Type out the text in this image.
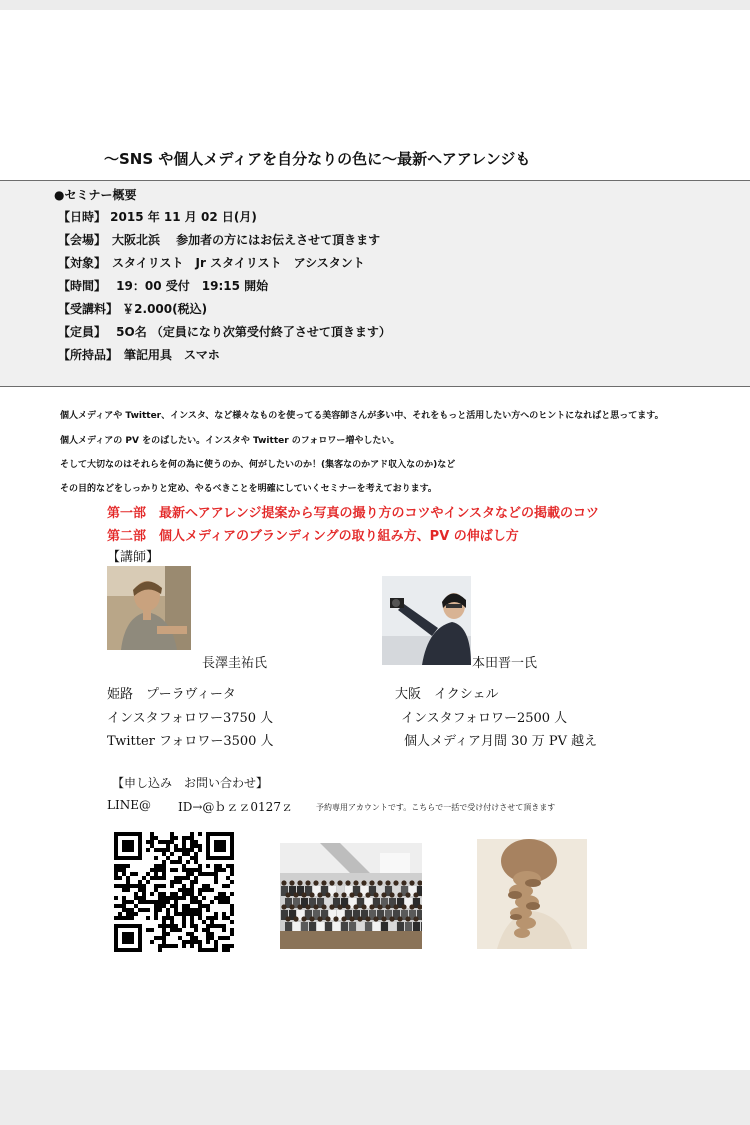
～SNS や個人メディアを自分なりの色に～最新ヘアアレンジも
●セミナー概要
【日時】 2015 年 11 月 02 日(月)
【会場】　大阪北浜　 参加者の方にはお伝えさせて頂きます
【対象】　スタイリスト　Jr スタイリスト　アシスタント
【時間】　 19：00 受付　19:15 開始
【受講料】 ￥2.000(税込)
【定員】　 5O名 （定員になり次第受付終了させて頂きます）
【所持品】　筆記用具　スマホ
個人メディアや Twitter、インスタ、など様々なものを使ってる美容師さんが多い中、それをもっと活用したい方へのヒントになればと思ってます。
個人メディアの PV をのばしたい。インスタや Twitter のフォロワー増やしたい。
そして大切なのはそれらを何の為に使うのか、何がしたいのか！(集客なのかアド収入なのか)など
その目的などをしっかりと定め、やるべきことを明確にしていくセミナーを考えております。
第一部　最新ヘアアレンジ提案から写真の撮り方のコツやインスタなどの掲載のコツ
第二部　個人メディアのブランディングの取り組み方、PV の伸ばし方
【講師】
長澤圭祐氏	本田晋一氏
姫路　プーラヴィータ
インスタフォロワー3750 人
Twitter フォロワー3500 人
大阪　イクシェル
インスタフォロワー2500 人
個人メディア月間 30 万 PV 越え
【申し込み　お問い合わせ】
LINE@ ID→@ｂｚｚ0127ｚ	予約専用アカウントです。こちらで一括で受け付けさせて頂きます
